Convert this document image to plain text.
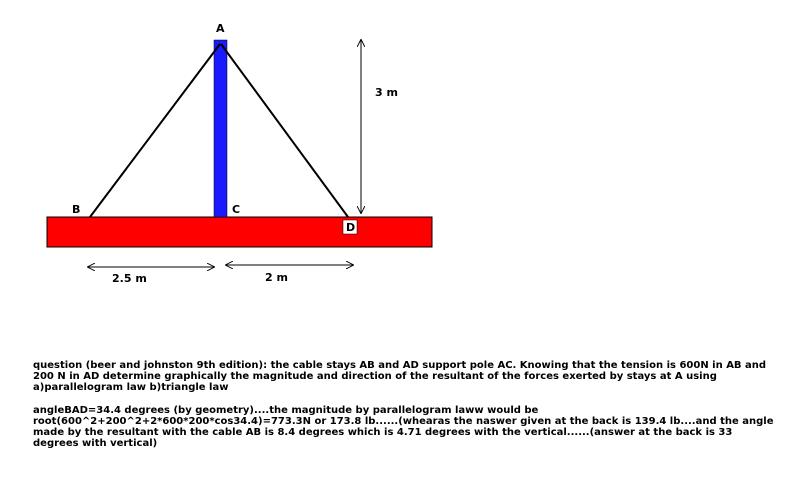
A
B	C
D
3 m
2.5 m	2 m
question (beer and johnston 9th edition): the cable stays AB and AD support pole AC. Knowing that the tension is 600N in AB and 200 N in AD determine graphically the magnitude and direction of the resultant of the forces exerted by stays at A using a)parallelogram law b)triangle law
angleBAD=34.4 degrees (by geometry)....the magnitude by parallelogram laww would be root(600^2+200^2+2*600*200*cos34.4)=773.3N or 173.8 lb......(whearas the naswer given at the back is 139.4 lb....and the angle made by the resultant with the cable AB is 8.4 degrees which is 4.71 degrees with the vertical......(answer at the back is 33 degrees with vertical)
